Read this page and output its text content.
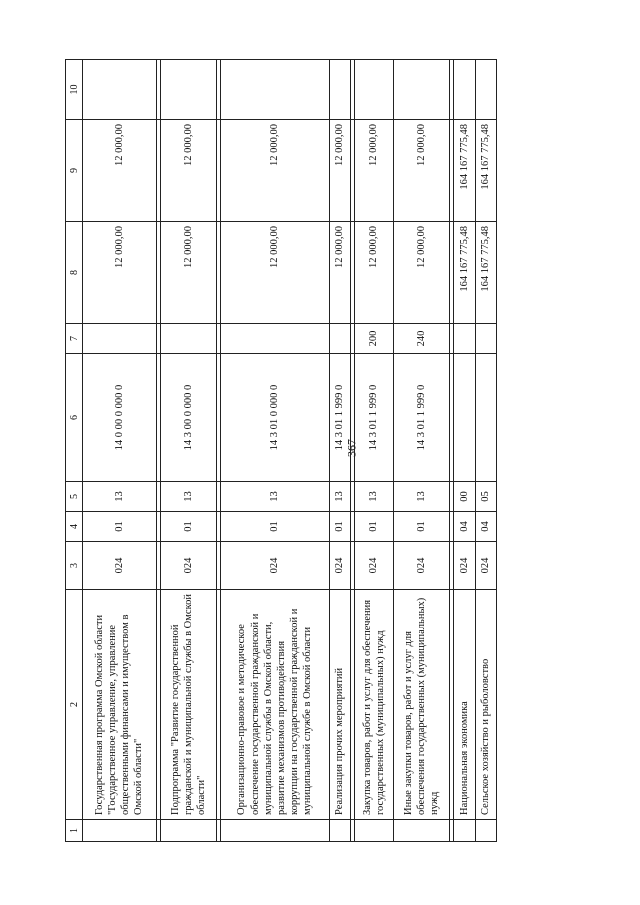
367
1	2	3	4	5	6	7	8	9	10
	Государственная программа Омской области "Государственное управление, управление общественными финансами и имуществом в Омской области"	024	01	13	14 0 00 0 000 0		12 000,00	12 000,00	

	Подпрограмма "Развитие государственной гражданской и муниципальной службы в Омской области"	024	01	13	14 3 00 0 000 0		12 000,00	12 000,00	

	Организационно-правовое и методическое обеспечение государственной гражданской и муниципальной службы в Омской области, развитие механизмов противодействия коррупции на государственной гражданской и муниципальной службе в Омской области	024	01	13	14 3 01 0 000 0		12 000,00	12 000,00	
	Реализация прочих мероприятий	024	01	13	14 3 01 1 999 0		12 000,00	12 000,00	

	Закупка товаров, работ и услуг для обеспечения государственных (муниципальных) нужд	024	01	13	14 3 01 1 999 0	200	12 000,00	12 000,00	
	Иные закупки товаров, работ и услуг для обеспечения государственных (муниципальных) нужд	024	01	13	14 3 01 1 999 0	240	12 000,00	12 000,00	

	Национальная экономика	024	04	00			164 167 775,48	164 167 775,48	
	Сельское хозяйство и рыболовство	024	04	05			164 167 775,48	164 167 775,48	
